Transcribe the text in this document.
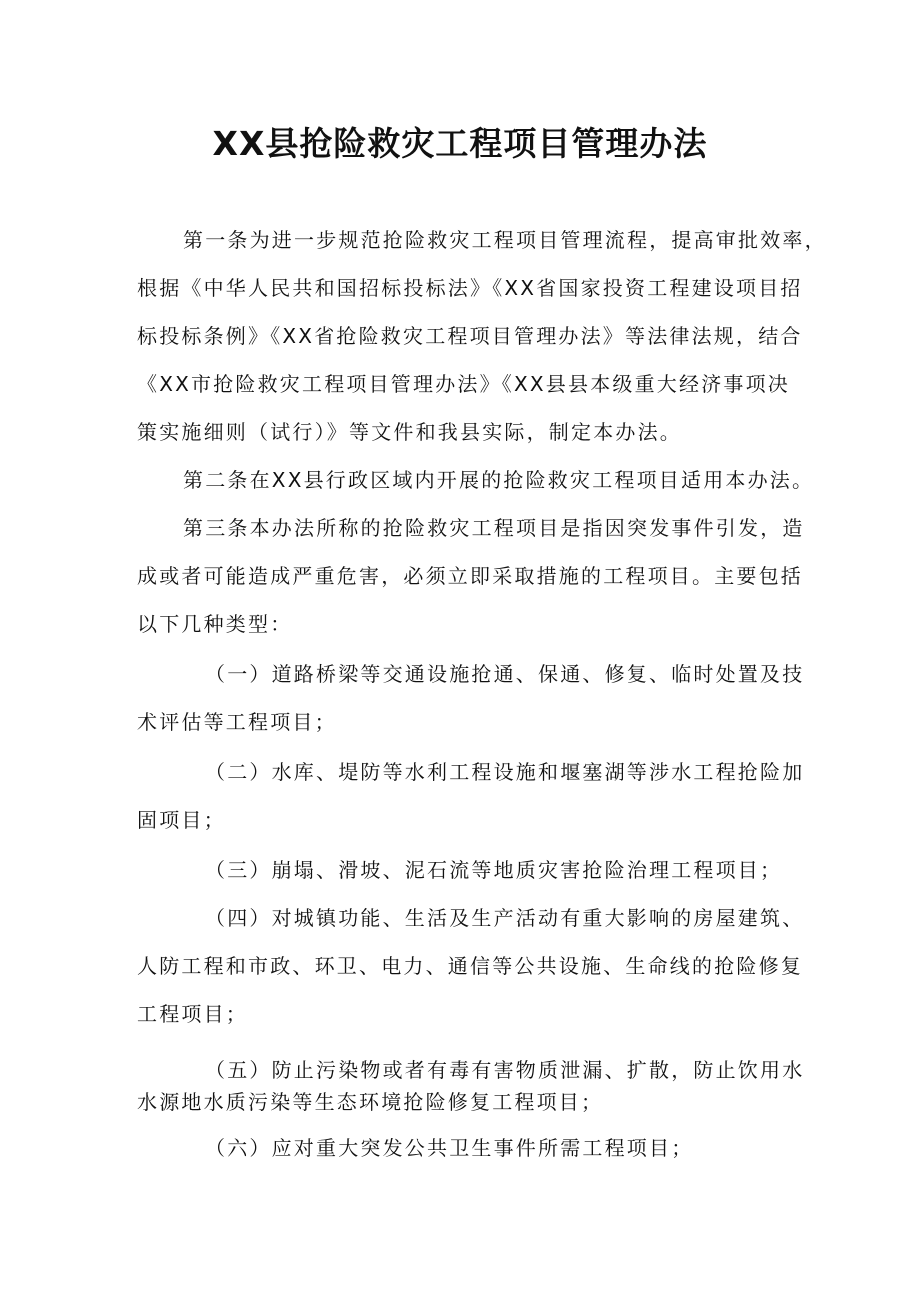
XX县抢险救灾工程项目管理办法
第一条为进一步规范抢险救灾工程项目管理流程，提高审批效率，
根据《中华人民共和国招标投标法》《XX省国家投资工程建设项目招
标投标条例》《XX省抢险救灾工程项目管理办法》等法律法规，结合
《XX市抢险救灾工程项目管理办法》《XX县县本级重大经济事项决
策实施细则（试行）》等文件和我县实际，制定本办法。
第二条在XX县行政区域内开展的抢险救灾工程项目适用本办法。
第三条本办法所称的抢险救灾工程项目是指因突发事件引发，造
成或者可能造成严重危害，必须立即采取措施的工程项目。主要包括
以下几种类型：
（一）道路桥梁等交通设施抢通、保通、修复、临时处置及技
术评估等工程项目；
（二）水库、堤防等水利工程设施和堰塞湖等涉水工程抢险加
固项目；
（三）崩塌、滑坡、泥石流等地质灾害抢险治理工程项目；
（四）对城镇功能、生活及生产活动有重大影响的房屋建筑、
人防工程和市政、环卫、电力、通信等公共设施、生命线的抢险修复
工程项目；
（五）防止污染物或者有毒有害物质泄漏、扩散，防止饮用水
水源地水质污染等生态环境抢险修复工程项目；
（六）应对重大突发公共卫生事件所需工程项目；
